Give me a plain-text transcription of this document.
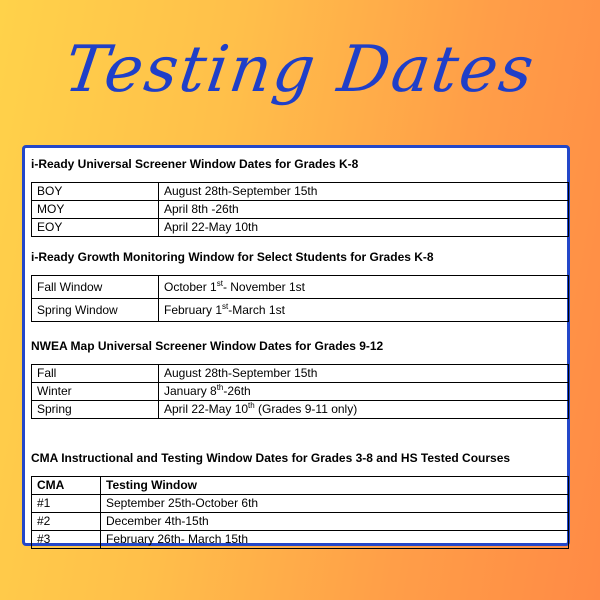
Testing Dates
i-Ready Universal Screener Window Dates for Grades K-8
BOY	August 28th-September 15th
MOY	April 8th -26th
EOY	April 22-May 10th
i-Ready Growth Monitoring Window for Select Students for Grades K-8
Fall Window	October 1st- November 1st
Spring Window	February 1st-March 1st
NWEA Map Universal Screener Window Dates for Grades 9-12
Fall	August 28th-September 15th
Winter	January 8th-26th
Spring	April 22-May 10th (Grades 9-11 only)
CMA Instructional and Testing Window Dates for Grades 3-8 and HS Tested Courses
CMA	Testing Window
#1	September 25th-October 6th
#2	December 4th-15th
#3	February 26th- March 15th
